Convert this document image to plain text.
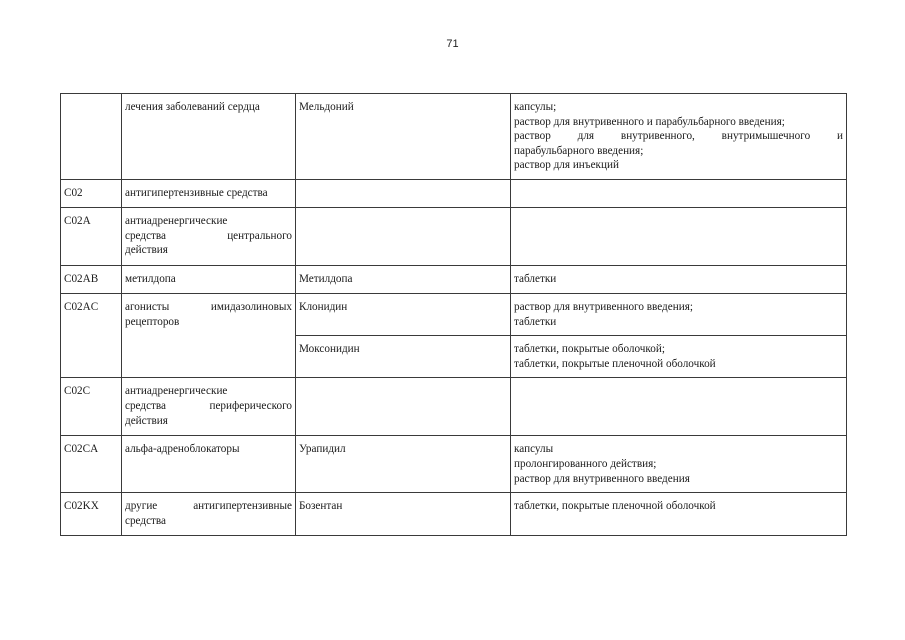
71
	лечения заболеваний сердца	Мельдоний	капсулы;
раствор для внутривенного и парабульбарного введения;
раствор для внутривенного, внутримышечного и
парабульбарного введения;
раствор для инъекций

C02	антигипертензивные средства		
C02A	антиадренергические
средства центрального
действия		

C02AB	метилдопа	Метилдопа	таблетки

C02AC	агонисты имидазолиновых
рецепторов	Клонидин	раствор для внутривенного введения;
таблетки

		Моксонидин	таблетки, покрытые оболочкой;
таблетки, покрытые пленочной оболочкой

C02C	антиадренергические
средства периферического
действия		

C02CA	альфа-адреноблокаторы	Урапидил	капсулы
пролонгированного действия;
раствор для внутривенного введения

C02KX	другие антигипертензивные
средства	Бозентан	таблетки, покрытые пленочной оболочкой
